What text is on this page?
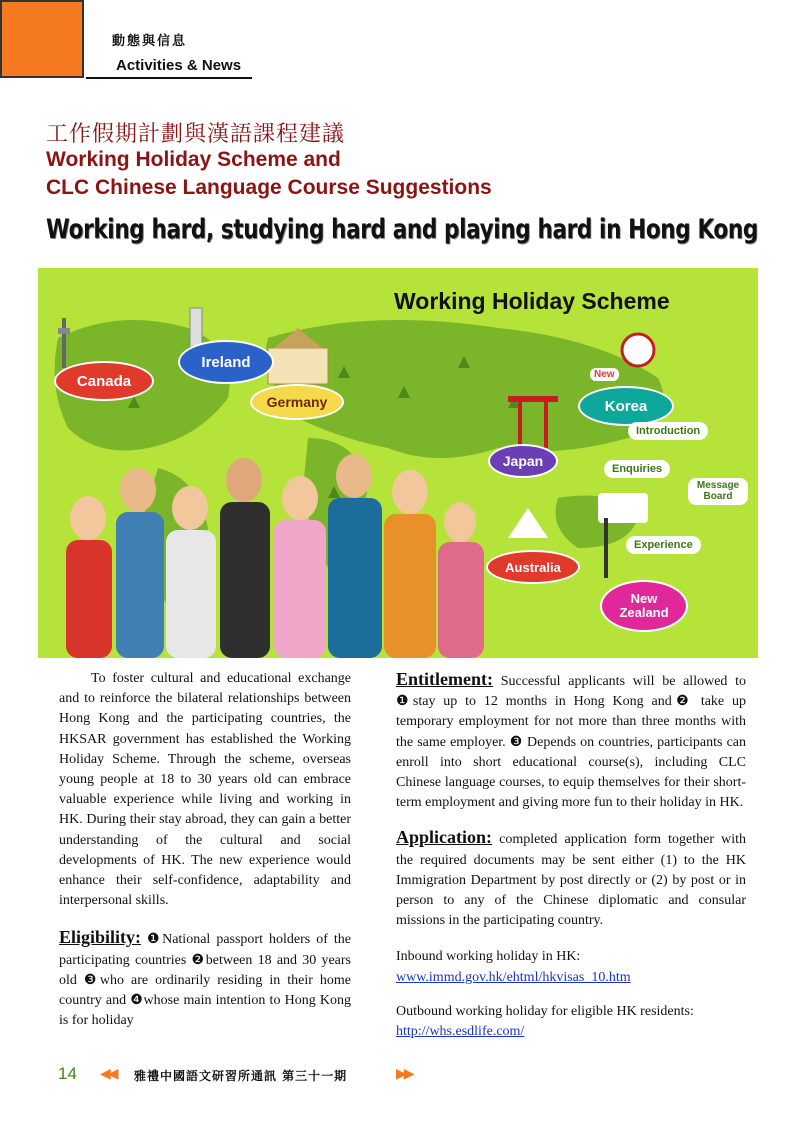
動態與信息
Activities & News
工作假期計劃與漢語課程建議
Working Holiday Scheme and
CLC Chinese Language Course Suggestions
Working hard, studying hard and playing hard in Hong Kong
Working Holiday Scheme
Canada
Ireland
Germany	Korea
New
Japan
Australia
New
Zealand
Introduction
Enquiries
Message Board
Experience

To foster cultural and educational exchange and to reinforce the bilateral relationships between Hong Kong and the participating countries, the HKSAR government has established the Working Holiday Scheme. Through the scheme, overseas young people at 18 to 30 years old can embrace valuable experience while living and working in HK. During their stay abroad, they can gain a better understanding of the cultural and social developments of HK. The new experience would enhance their self-confidence, adaptability and interpersonal skills.

Eligibility: ❶National passport holders of the participating countries ❷between 18 and 30 years old ❸who are ordinarily residing in their home country and ❹whose main intention to Hong Kong is for holiday

Entitlement: Successful applicants will be allowed to ❶stay up to 12 months in Hong Kong and❷ take up temporary employment for not more than three months with the same employer. ❸ Depends on countries, participants can enroll into short educational course(s), including CLC Chinese language courses, to equip themselves for their short-term employment and giving more fun to their holiday in HK.

Application: completed application form together with the required documents may be sent either (1) to the HK Immigration Department by post directly or (2) by post or in person to any of the Chinese diplomatic and consular missions in the participating country.

Inbound working holiday in HK:

www.immd.gov.hk/ehtml/hkvisas_10.htm

Outbound working holiday for eligible HK residents:

http://whs.esdlife.com/

14 ◀◀ 雅禮中國語文研習所通訊 第三十一期	▶▶
